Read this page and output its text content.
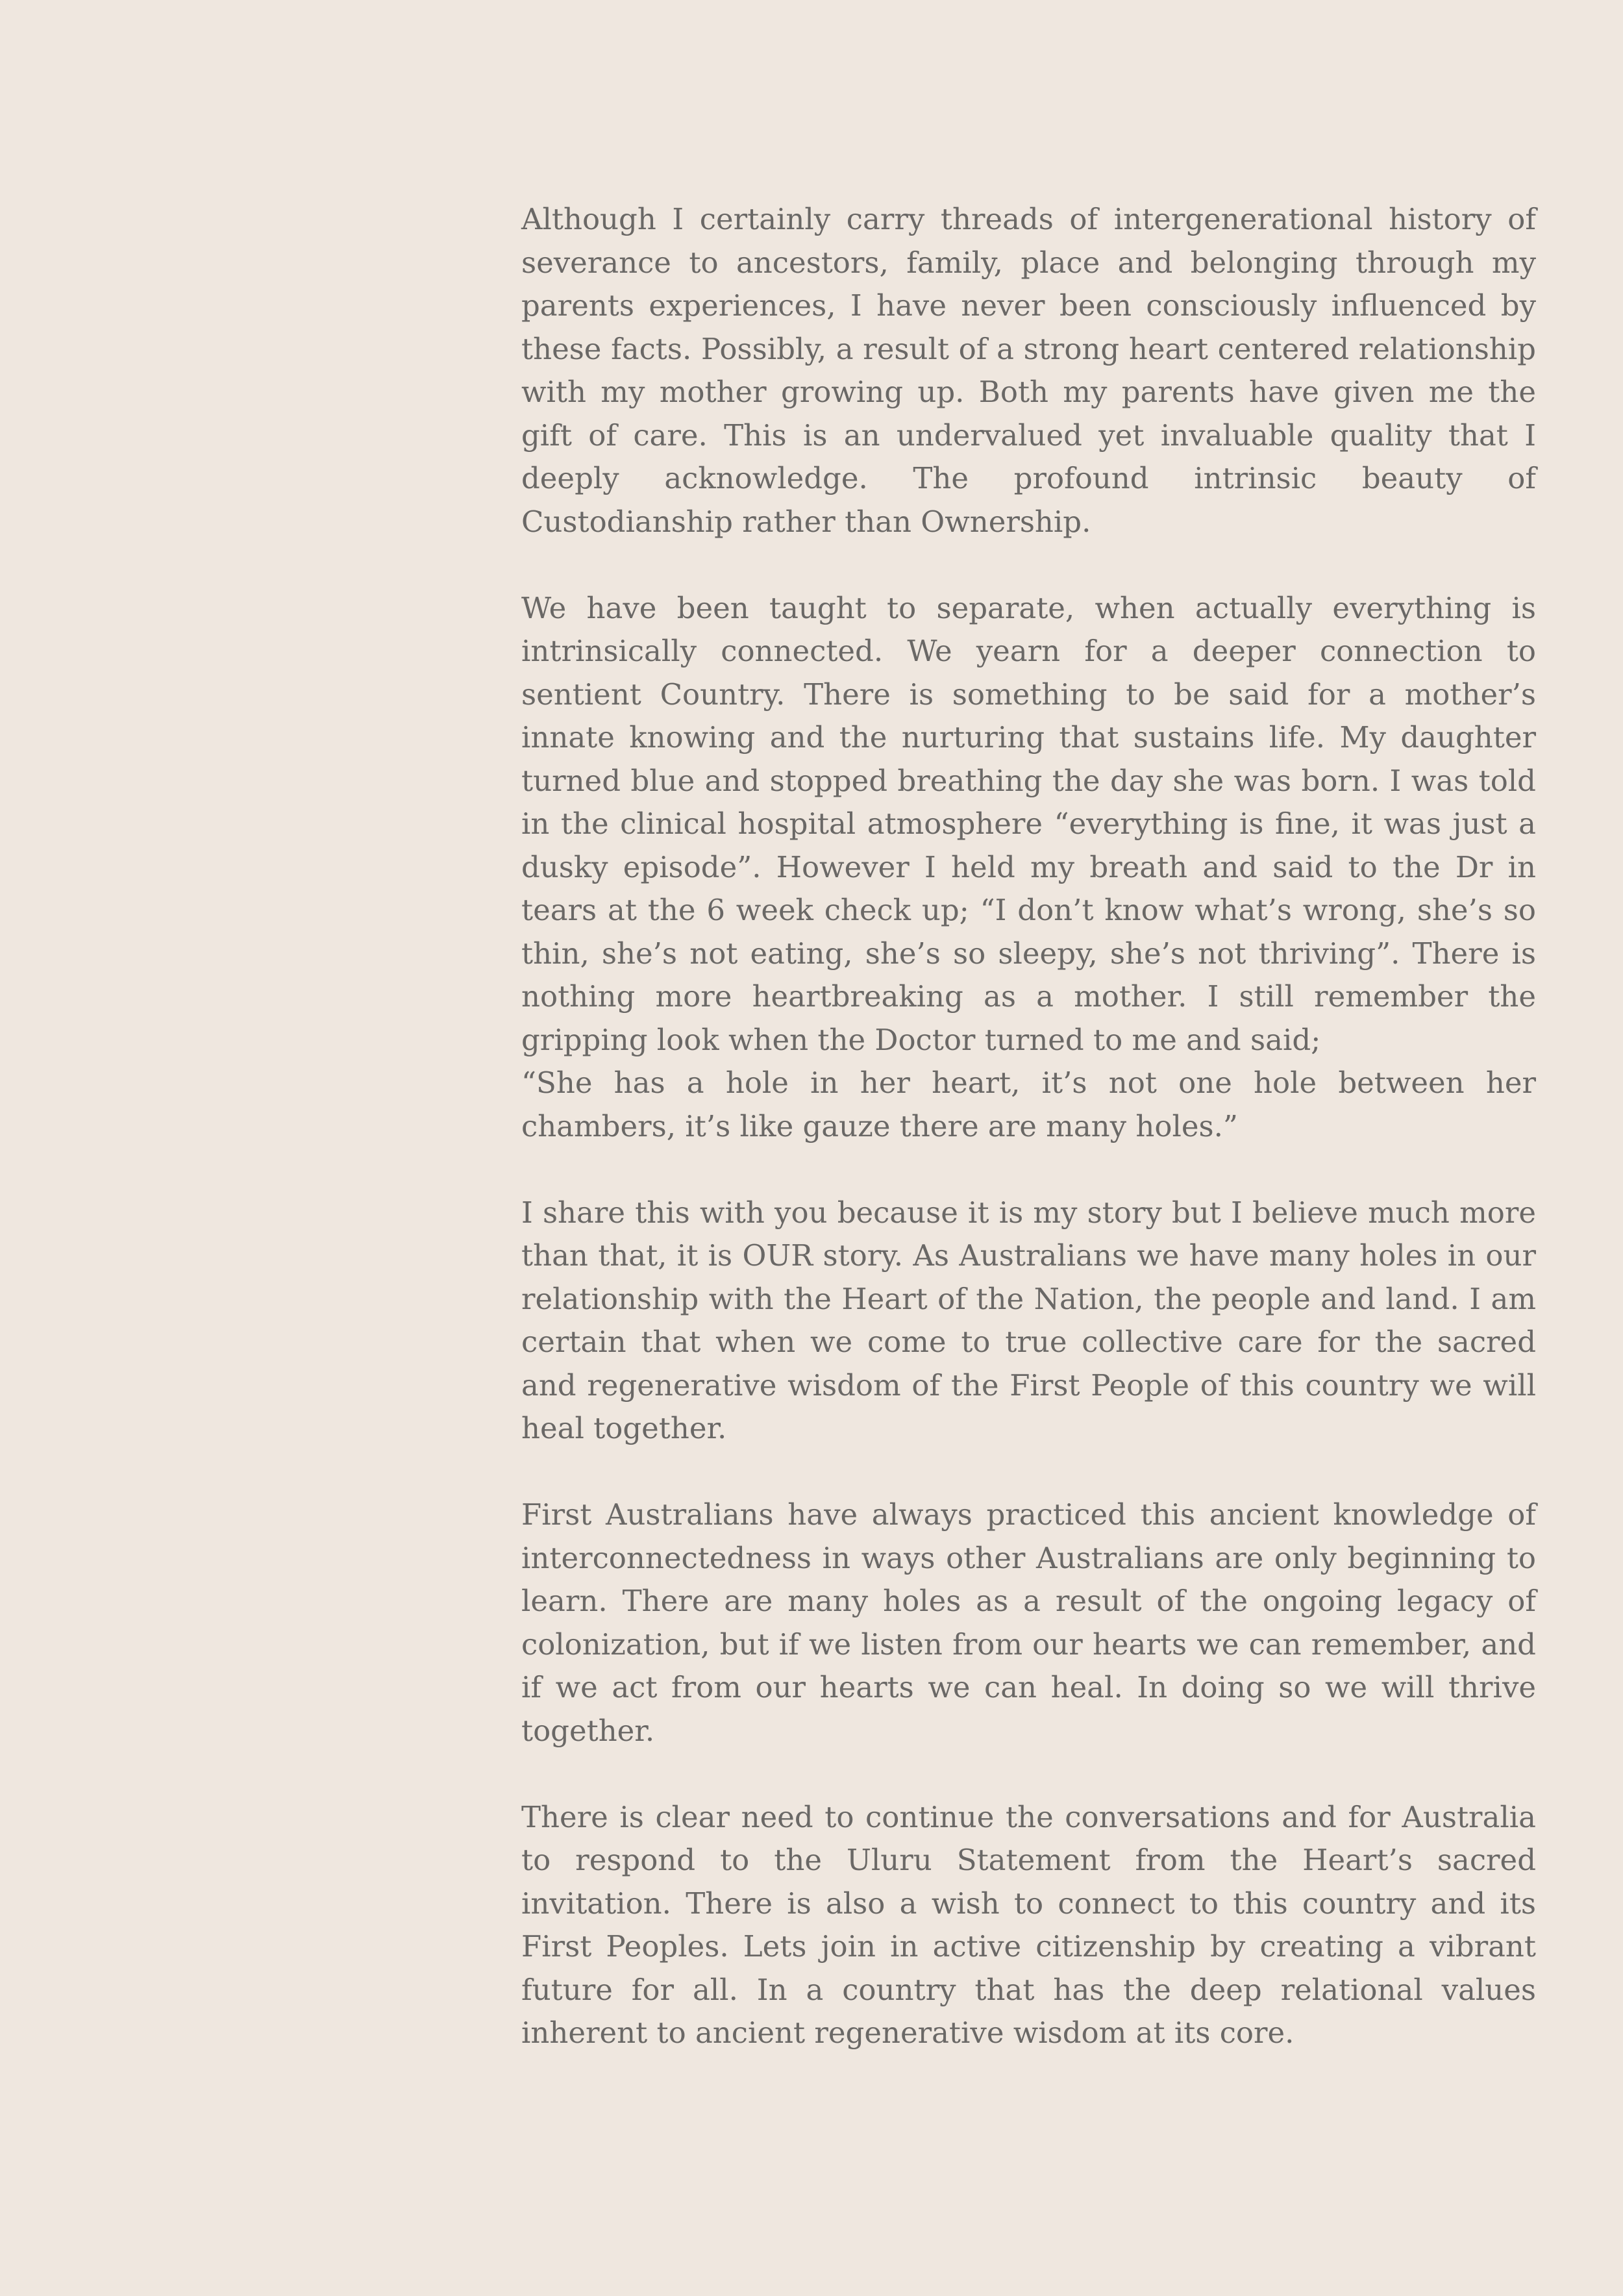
Although I certainly carry threads of intergenerational history of severance to ancestors, family, place and belonging through my parents experiences, I have never been consciously influenced by these facts. Possibly, a result of a strong heart centered relationship with my mother growing up. Both my parents have given me the gift of care. This is an undervalued yet invaluable quality that I deeply acknowledge. The profound intrinsic beauty of Custodianship rather than Ownership.

We have been taught to separate, when actually everything is intrinsically connected. We yearn for a deeper connection to sentient Country. There is something to be said for a mother’s innate knowing and the nurturing that sustains life. My daughter turned blue and stopped breathing the day she was born. I was told in the clinical hospital atmosphere “everything is fine, it was just a dusky episode”. However I held my breath and said to the Dr in tears at the 6 week check up; “I don’t know what’s wrong, she’s so thin, she’s not eating, she’s so sleepy, she’s not thriving”. There is nothing more heartbreaking as a mother. I still remember the gripping look when the Doctor turned to me and said;
“She has a hole in her heart, it’s not one hole between her chambers, it’s like gauze there are many holes.”

I share this with you because it is my story but I believe much more than that, it is OUR story. As Australians we have many holes in our relationship with the Heart of the Nation, the people and land. I am certain that when we come to true collective care for the sacred and regenerative wisdom of the First People of this country we will heal together.

First Australians have always practiced this ancient knowledge of interconnectedness in ways other Australians are only beginning to learn. There are many holes as a result of the ongoing legacy of colonization, but if we listen from our hearts we can remember, and if we act from our hearts we can heal. In doing so we will thrive together.

There is clear need to continue the conversations and for Australia to respond to the Uluru Statement from the Heart’s sacred invitation. There is also a wish to connect to this country and its First Peoples. Lets join in active citizenship by creating a vibrant future for all. In a country that has the deep relational values inherent to ancient regenerative wisdom at its core.
